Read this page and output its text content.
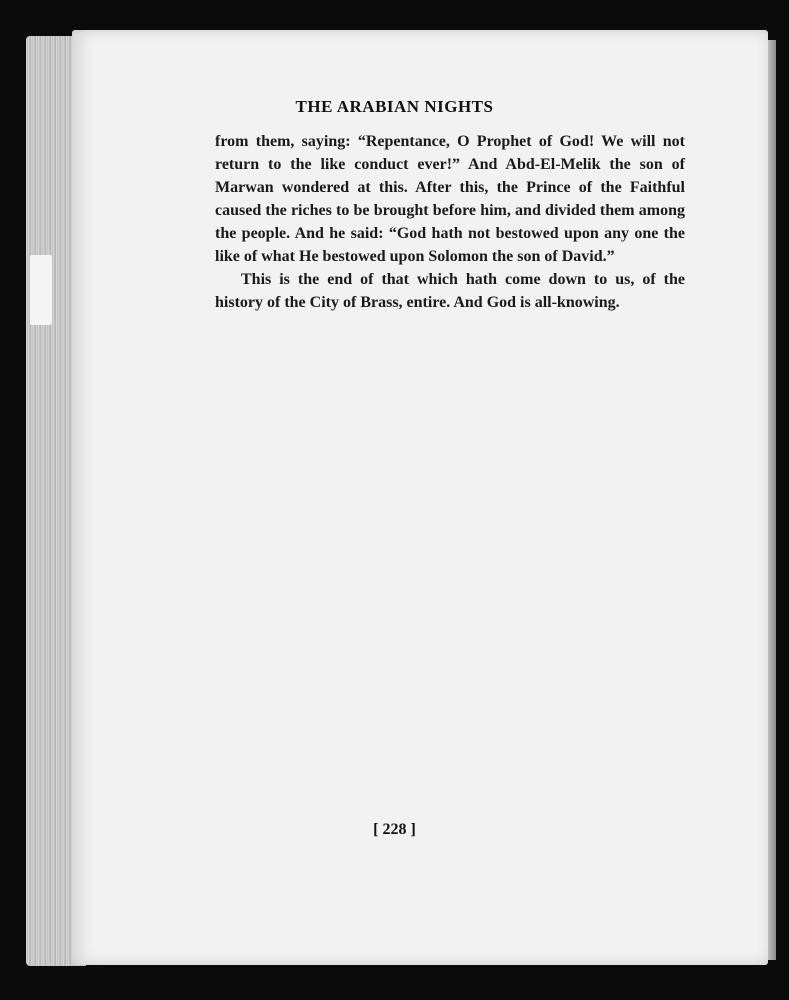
THE ARABIAN NIGHTS

from them, saying: “Repentance, O Prophet of God! We will not return to the like conduct ever!” And Abd-El-Melik the son of Marwan wondered at this. After this, the Prince of the Faithful caused the riches to be brought before him, and divided them among the people. And he said: “God hath not bestowed upon any one the like of what He bestowed upon Solomon the son of David.”

This is the end of that which hath come down to us, of the history of the City of Brass, entire. And God is all-knowing.

[ 228 ]
